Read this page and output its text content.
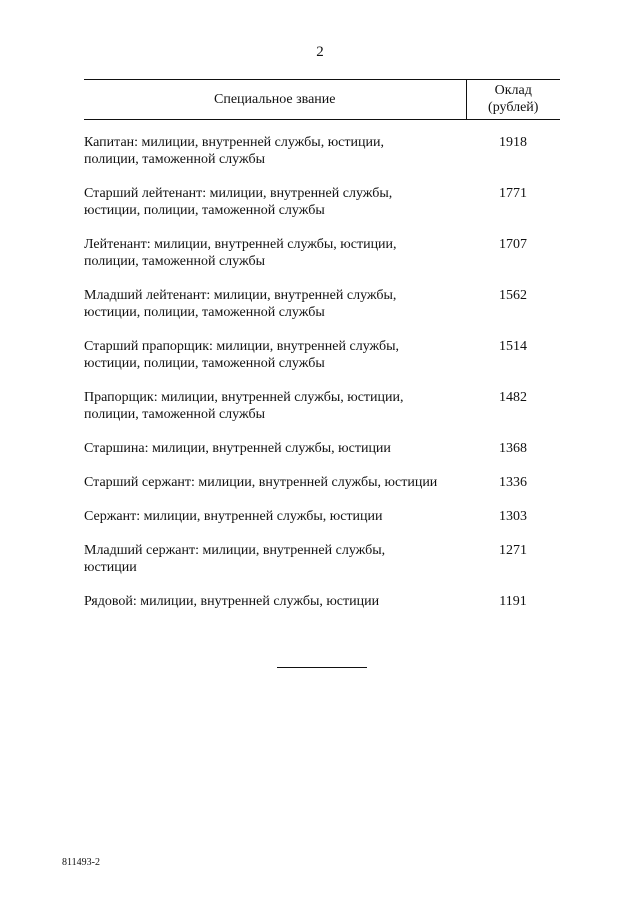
2
Специальное звание	Оклад
(рублей)

Капитан: милиции, внутренней службы, юстиции,
полиции, таможенной службы	1918

Старший лейтенант: милиции, внутренней службы,
юстиции, полиции, таможенной службы	1771

Лейтенант: милиции, внутренней службы, юстиции,
полиции, таможенной службы	1707

Младший лейтенант: милиции, внутренней службы,
юстиции, полиции, таможенной службы	1562

Старший прапорщик: милиции, внутренней службы,
юстиции, полиции, таможенной службы	1514

Прапорщик: милиции, внутренней службы, юстиции,
полиции, таможенной службы	1482

Старшина: милиции, внутренней службы, юстиции	1368

Старший сержант: милиции, внутренней службы, юстиции	1336

Сержант: милиции, внутренней службы, юстиции	1303

Младший сержант: милиции, внутренней службы,
юстиции	1271

Рядовой: милиции, внутренней службы, юстиции	1191
811493-2
